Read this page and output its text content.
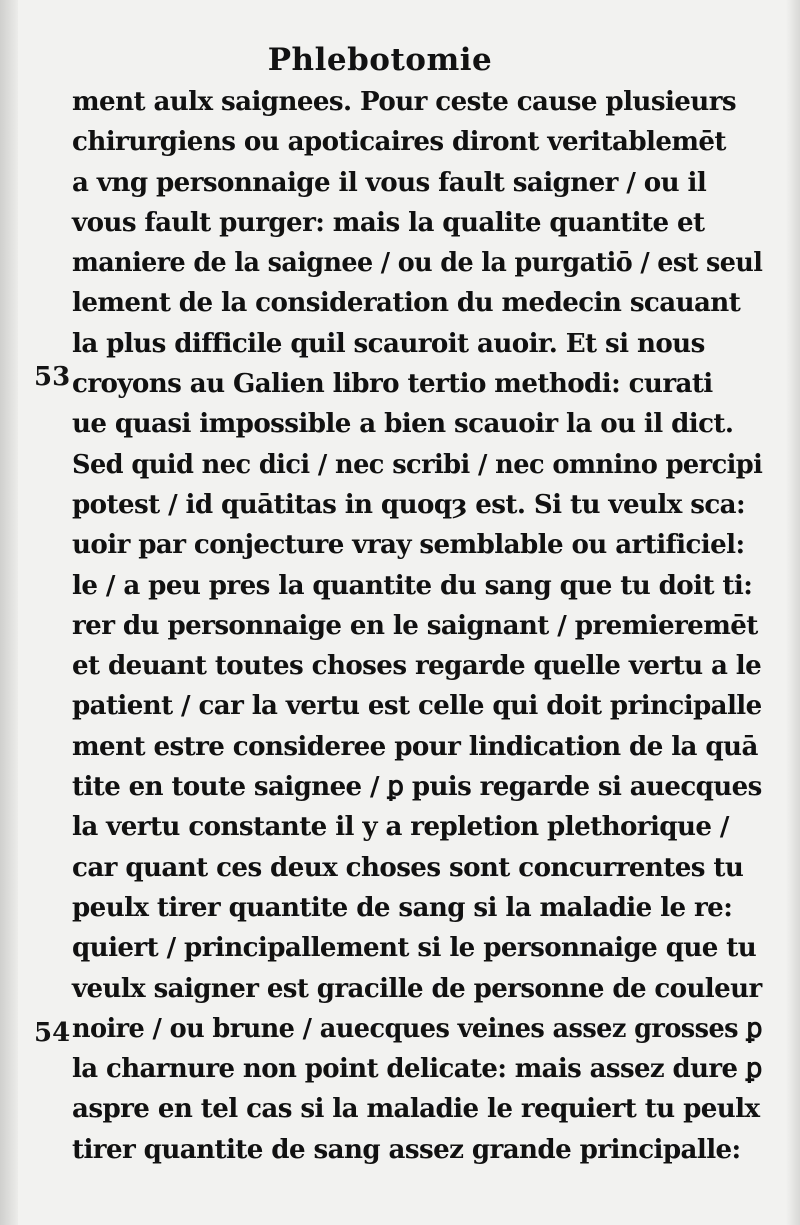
Phlebotomie
53
54
ment aulx saignees. Pour ceste cause plusieurs
chirurgiens ou apoticaires diront veritablemēt
a vng personnaige il vous fault saigner / ou il
vous fault purger: mais la qualite quantite et
maniere de la saignee / ou de la purgatiō / est seul
lement de la consideration du medecin scauant
la plus difficile quil scauroit auoir. Et si nous
croyons au Galien libro tertio methodi: curati
ue quasi impossible a bien scauoir la ou il dict.
Sed quid nec dici / nec scribi / nec omnino percipi
potest / id quātitas in quoqȝ est. Si tu veulx sca:
uoir par conjecture vray semblable ou artificiel:
le / a peu pres la quantite du sang que tu doit ti:
rer du personnaige en le saignant / premieremēt
et deuant toutes choses regarde quelle vertu a le
patient / car la vertu est celle qui doit principalle
ment estre consideree pour lindication de la quā
tite en toute saignee / ꝑ puis regarde si auecques
la vertu constante il y a repletion plethorique /
car quant ces deux choses sont concurrentes tu
peulx tirer quantite de sang si la maladie le re:
quiert / principallement si le personnaige que tu
veulx saigner est gracille de personne de couleur
noire / ou brune / auecques veines assez grosses ꝑ
la charnure non point delicate: mais assez dure ꝑ
aspre en tel cas si la maladie le requiert tu peulx
tirer quantite de sang assez grande principalle:
